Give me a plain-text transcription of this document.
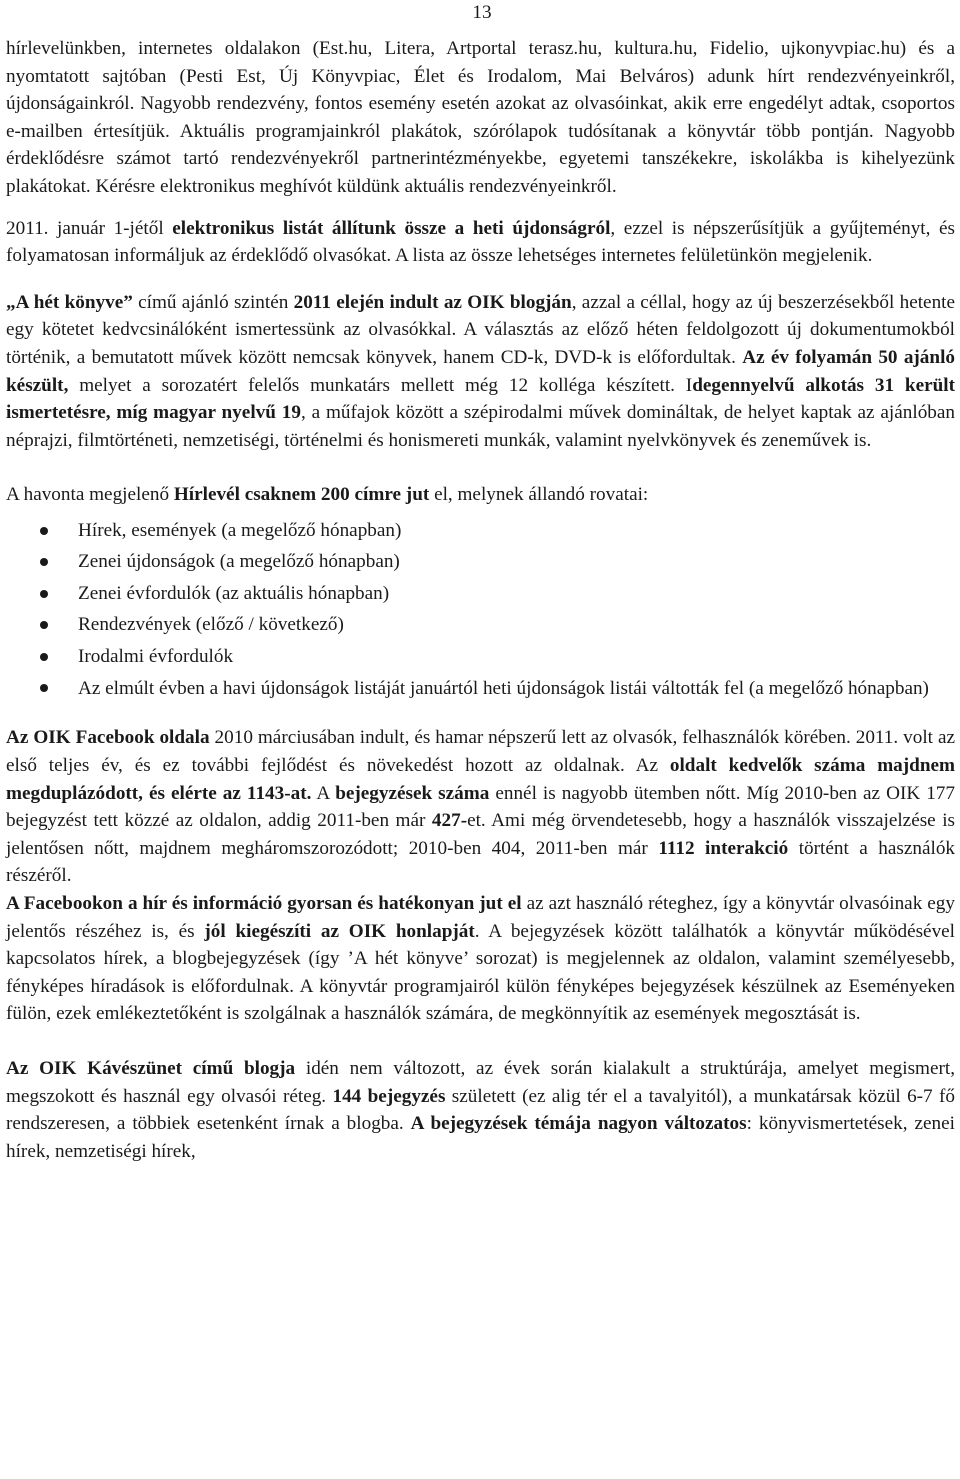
13

hírlevelünkben, internetes oldalakon (Est.hu, Litera, Artportal terasz.hu, kultura.hu, Fidelio, ujkonyvpiac.hu) és a nyomtatott sajtóban (Pesti Est, Új Könyvpiac, Élet és Irodalom, Mai Belváros) adunk hírt rendezvényeinkről, újdonságainkról. Nagyobb rendezvény, fontos esemény esetén azokat az olvasóinkat, akik erre engedélyt adtak, csoportos e-mailben értesítjük. Aktuális programjainkról plakátok, szórólapok tudósítanak a könyvtár több pontján. Nagyobb érdeklődésre számot tartó rendezvényekről partnerintézményekbe, egyetemi tanszékekre, iskolákba is kihelyezünk plakátokat. Kérésre elektronikus meghívót küldünk aktuális rendezvényeinkről.

2011. január 1-jétől elektronikus listát állítunk össze a heti újdonságról, ezzel is népszerűsítjük a gyűjteményt, és folyamatosan informáljuk az érdeklődő olvasókat. A lista az össze lehetséges internetes felületünkön megjelenik.

„A hét könyve” című ajánló szintén 2011 elején indult az OIK blogján, azzal a céllal, hogy az új beszerzésekből hetente egy kötetet kedvcsinálóként ismertessünk az olvasókkal. A választás az előző héten feldolgozott új dokumentumokból történik, a bemutatott művek között nemcsak könyvek, hanem CD-k, DVD-k is előfordultak. Az év folyamán 50 ajánló készült, melyet a sorozatért felelős munkatárs mellett még 12 kolléga készített. Idegennyelvű alkotás 31 került ismertetésre, míg magyar nyelvű 19, a műfajok között a szépirodalmi művek domináltak, de helyet kaptak az ajánlóban néprajzi, filmtörténeti, nemzetiségi, történelmi és honismereti munkák, valamint nyelvkönyvek és zeneművek is.

A havonta megjelenő Hírlevél csaknem 200 címre jut el, melynek állandó rovatai:

Hírek, események (a megelőző hónapban)
Zenei újdonságok (a megelőző hónapban)
Zenei évfordulók (az aktuális hónapban)
Rendezvények (előző / következő)
Irodalmi évfordulók
Az elmúlt évben a havi újdonságok listáját januártól heti újdonságok listái váltották fel (a megelőző hónapban)

Az OIK Facebook oldala 2010 márciusában indult, és hamar népszerű lett az olvasók, felhasználók körében. 2011. volt az első teljes év, és ez további fejlődést és növekedést hozott az oldalnak. Az oldalt kedvelők száma majdnem megduplázódott, és elérte az 1143-at. A bejegyzések száma ennél is nagyobb ütemben nőtt. Míg 2010-ben az OIK 177 bejegyzést tett közzé az oldalon, addig 2011-ben már 427-et. Ami még örvendetesebb, hogy a használók visszajelzése is jelentősen nőtt, majdnem megháromszorozódott; 2010-ben 404, 2011-ben már 1112 interakció történt a használók részéről.

A Facebookon a hír és információ gyorsan és hatékonyan jut el az azt használó réteghez, így a könyvtár olvasóinak egy jelentős részéhez is, és jól kiegészíti az OIK honlapját. A bejegyzések között találhatók a könyvtár működésével kapcsolatos hírek, a blogbejegyzések (így ’A hét könyve’ sorozat) is megjelennek az oldalon, valamint személyesebb, fényképes híradások is előfordulnak. A könyvtár programjairól külön fényképes bejegyzések készülnek az Eseményeken fülön, ezek emlékeztetőként is szolgálnak a használók számára, de megkönnyítik az események megosztását is.

Az OIK Kávészünet című blogja idén nem változott, az évek során kialakult a struktúrája, amelyet megismert, megszokott és használ egy olvasói réteg. 144 bejegyzés született (ez alig tér el a tavalyitól), a munkatársak közül 6-7 fő rendszeresen, a többiek esetenként írnak a blogba. A bejegyzések témája nagyon változatos: könyvismertetések, zenei hírek, nemzetiségi hírek,
